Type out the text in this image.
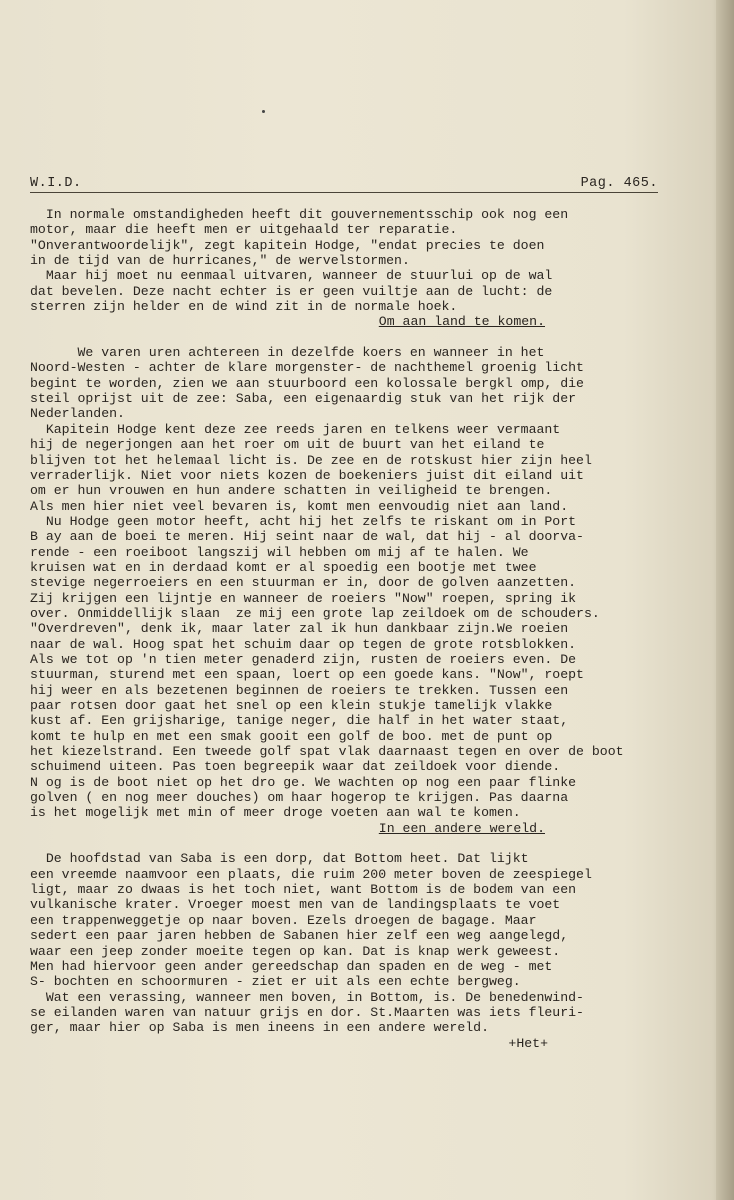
W.I.D.	Pag. 465.
In normale omstandigheden heeft dit gouvernementsschip ook nog een
motor, maar die heeft men er uitgehaald ter reparatie.
"Onverantwoordelijk", zegt kapitein Hodge, "endat precies te doen
in de tijd van de hurricanes," de wervelstormen.
Maar hij moet nu eenmaal uitvaren, wanneer de stuurlui op de wal
dat bevelen. Deze nacht echter is er geen vuiltje aan de lucht: de
sterren zijn helder en de wind zit in de normale hoek.
Om aan land te komen.
We varen uren achtereen in dezelfde koers en wanneer in het
Noord-Westen - achter de klare morgenster- de nachthemel groenig licht
begint te worden, zien we aan stuurboord een kolossale bergkl omp, die
steil oprijst uit de zee: Saba, een eigenaardig stuk van het rijk der
Nederlanden.
Kapitein Hodge kent deze zee reeds jaren en telkens weer vermaant
hij de negerjongen aan het roer om uit de buurt van het eiland te
blijven tot het helemaal licht is. De zee en de rotskust hier zijn heel
verraderlijk. Niet voor niets kozen de boekeniers juist dit eiland uit
om er hun vrouwen en hun andere schatten in veiligheid te brengen.
Als men hier niet veel bevaren is, komt men eenvoudig niet aan land.
Nu Hodge geen motor heeft, acht hij het zelfs te riskant om in Port
B ay aan de boei te meren. Hij seint naar de wal, dat hij - al doorva-
rende - een roeiboot langszij wil hebben om mij af te halen. We
kruisen wat en in derdaad komt er al spoedig een bootje met twee
stevige negerroeiers en een stuurman er in, door de golven aanzetten.
Zij krijgen een lijntje en wanneer de roeiers "Now" roepen, spring ik
over. Onmiddellijk slaan  ze mij een grote lap zeildoek om de schouders.
"Overdreven", denk ik, maar later zal ik hun dankbaar zijn.We roeien
naar de wal. Hoog spat het schuim daar op tegen de grote rotsblokken.
Als we tot op 'n tien meter genaderd zijn, rusten de roeiers even. De
stuurman, sturend met een spaan, loert op een goede kans. "Now", roept
hij weer en als bezetenen beginnen de roeiers te trekken. Tussen een
paar rotsen door gaat het snel op een klein stukje tamelijk vlakke
kust af. Een grijsharige, tanige neger, die half in het water staat,
komt te hulp en met een smak gooit een golf de boo. met de punt op
het kiezelstrand. Een tweede golf spat vlak daarnaast tegen en over de boot
schuimend uiteen. Pas toen begreepik waar dat zeildoek voor diende.
N og is de boot niet op het dro ge. We wachten op nog een paar flinke
golven ( en nog meer douches) om haar hogerop te krijgen. Pas daarna
is het mogelijk met min of meer droge voeten aan wal te komen.
In een andere wereld.
De hoofdstad van Saba is een dorp, dat Bottom heet. Dat lijkt
een vreemde naamvoor een plaats, die ruim 200 meter boven de zeespiegel
ligt, maar zo dwaas is het toch niet, want Bottom is de bodem van een
vulkanische krater. Vroeger moest men van de landingsplaats te voet
een trappenweggetje op naar boven. Ezels droegen de bagage. Maar
sedert een paar jaren hebben de Sabanen hier zelf een weg aangelegd,
waar een jeep zonder moeite tegen op kan. Dat is knap werk geweest.
Men had hiervoor geen ander gereedschap dan spaden en de weg - met
S- bochten en schoormuren - ziet er uit als een echte bergweg.
Wat een verassing, wanneer men boven, in Bottom, is. De benedenwind-
se eilanden waren van natuur grijs en dor. St.Maarten was iets fleuri-
ger, maar hier op Saba is men ineens in een andere wereld.
+Het+
